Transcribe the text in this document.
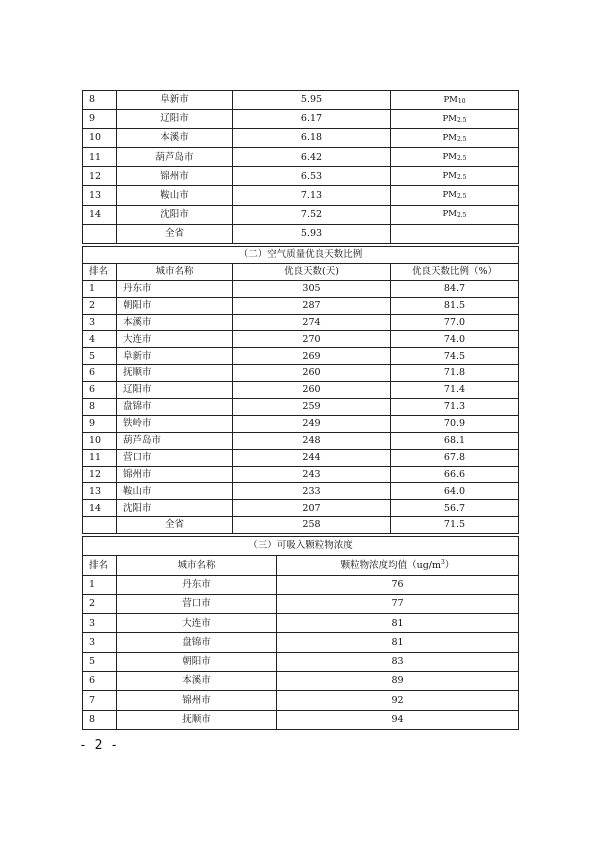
8	阜新市	5.95	$PM_{10}$
9	辽阳市	6.17	$PM_{2.5}$
10	本溪市	6.18	$PM_{2.5}$
11	葫芦岛市	6.42	$PM_{2.5}$
12	锦州市	6.53	$PM_{2.5}$
13	鞍山市	7.13	$PM_{2.5}$
14	沈阳市	7.52	$PM_{2.5}$
	全省	5.93	
（二）空气质量优良天数比例			
排名	城市名称	优良天数(天)	优良天数比例（%）
1	丹东市	305	84.7
2	朝阳市	287	81.5
3	本溪市	274	77.0
4	大连市	270	74.0
5	阜新市	269	74.5
6	抚顺市	260	71.8
6	辽阳市	260	71.4
8	盘锦市	259	71.3
9	铁岭市	249	70.9
10	葫芦岛市	248	68.1
11	营口市	244	67.8
12	锦州市	243	66.6
13	鞍山市	233	64.0
14	沈阳市	207	56.7
	全省	258	71.5
（三）可吸入颗粒物浓度		
排名	城市名称	颗粒物浓度均值$(ug/m^3)$
1	丹东市	76
2	营口市	77
3	大连市	81
3	盘锦市	81
5	朝阳市	83
6	本溪市	89
7	锦州市	92
8	抚顺市	94
- 2 -
